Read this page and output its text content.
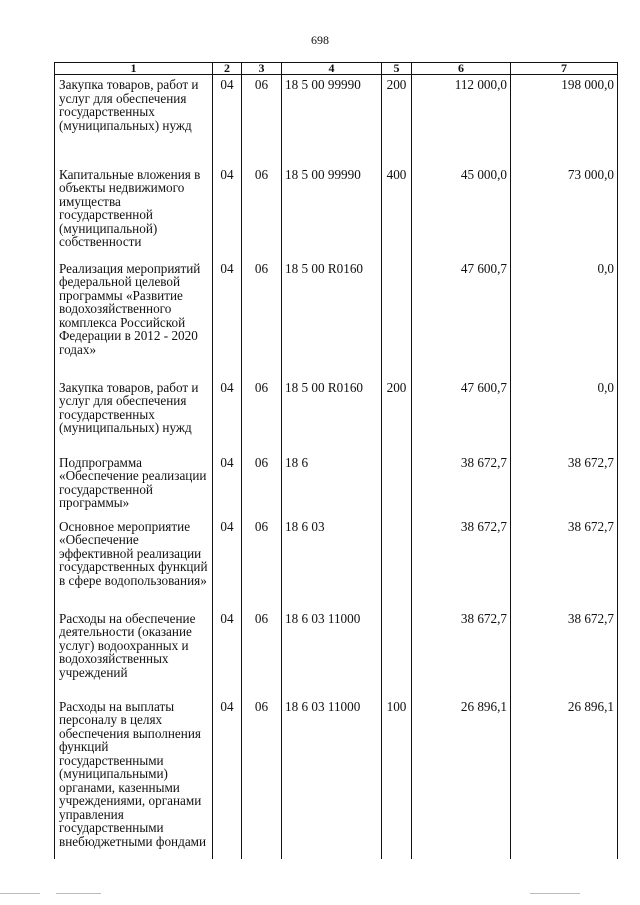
698
1	2	3	4	5	6	7
Закупка товаров, работ и услуг для обеспечения государственных (муниципальных) нужд	04	06	18 5 00 99990	200	112 000,0	198 000,0
Капитальные вложения в объекты недвижимого имущества государственной (муниципальной) собственности	04	06	18 5 00 99990	400	45 000,0	73 000,0
Реализация мероприятий федеральной целевой программы «Развитие водохозяйственного комплекса Российской Федерации в 2012 - 2020 годах»	04	06	18 5 00 R0160		47 600,7	0,0
Закупка товаров, работ и услуг для обеспечения государственных (муниципальных) нужд	04	06	18 5 00 R0160	200	47 600,7	0,0
Подпрограмма «Обеспечение реализации государственной программы»	04	06	18 6		38 672,7	38 672,7
Основное мероприятие «Обеспечение эффективной реализации государственных функций в сфере водопользования»	04	06	18 6 03		38 672,7	38 672,7
Расходы на обеспечение деятельности (оказание услуг) водоохранных и водохозяйственных учреждений	04	06	18 6 03 11000		38 672,7	38 672,7
Расходы на выплаты персоналу в целях обеспечения выполнения функций государственными (муниципальными) органами, казенными учреждениями, органами управления государственными внебюджетными фондами	04	06	18 6 03 11000	100	26 896,1	26 896,1
